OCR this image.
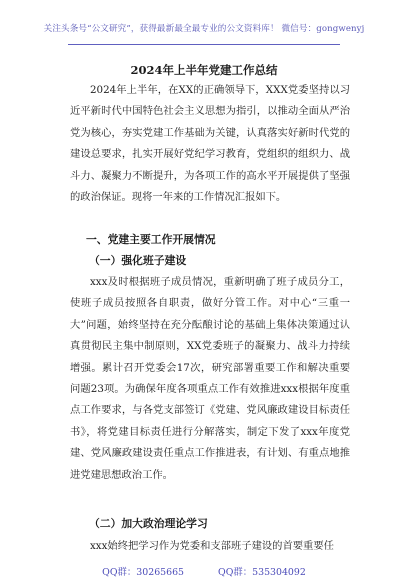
关注头条号“公文研究”，获得最新最全最专业的公文资料库！ 微信号：gongwenyj
2024年上半年党建工作总结
2024年上半年，在XX的正确领导下，XXX党委坚持以习近平新时代中国特色社会主义思想为指引，以推动全面从严治党为核心，夯实党建工作基础为关键，认真落实好新时代党的建设总要求，扎实开展好党纪学习教育，党组织的组织力、战斗力、凝聚力不断提升，为各项工作的高水平开展提供了坚强的政治保证。现将一年来的工作情况汇报如下。
一、党建主要工作开展情况
（一）强化班子建设
xxx及时根据班子成员情况，重新明确了班子成员分工，使班子成员按照各自职责，做好分管工作。对中心“三重一大”问题，始终坚持在充分酝酿讨论的基础上集体决策通过认真贯彻民主集中制原则，XX党委班子的凝聚力、战斗力持续增强。累计召开党委会17次，研究部署重要工作和解决重要问题23项。为确保年度各项重点工作有效推进xxx根据年度重点工作要求，与各党支部签订《党建、党风廉政建设目标责任书》，将党建目标责任进行分解落实，制定下发了xxx年度党建、党风廉政建设责任重点工作推进表，有计划、有重点地推进党建思想政治工作。
（二）加大政治理论学习
xxx始终把学习作为党委和支部班子建设的首要重要任
QQ群：30265665	QQ群：535304092
